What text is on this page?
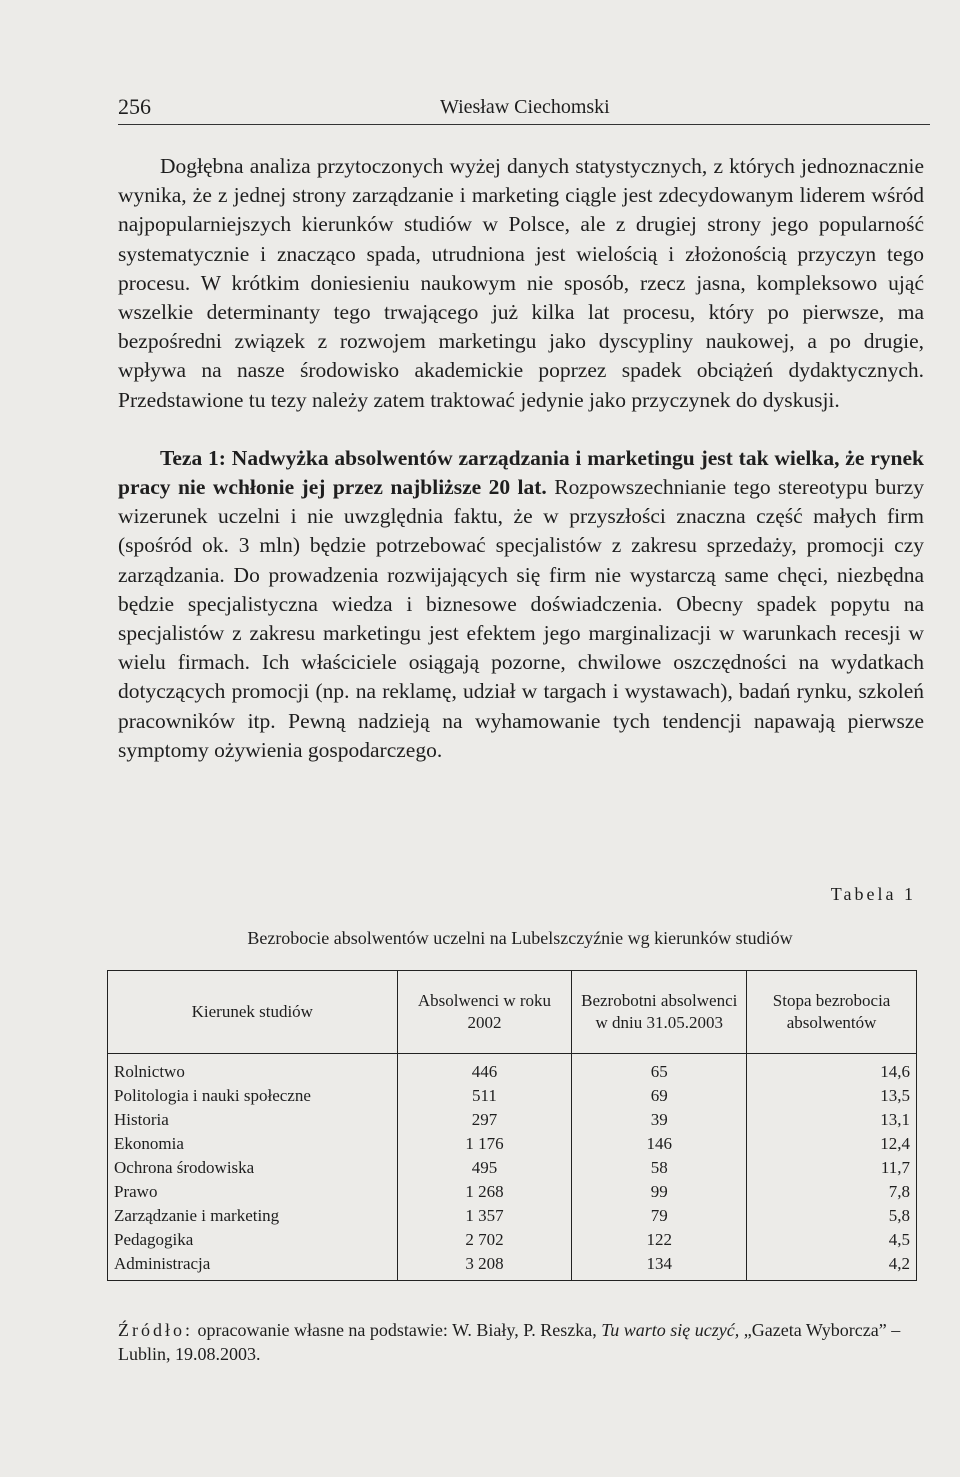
256	Wiesław Ciechomski

Dogłębna analiza przytoczonych wyżej danych statystycznych, z których jednoznacznie wynika, że z jednej strony zarządzanie i marketing ciągle jest zdecydowanym liderem wśród najpopularniejszych kierunków studiów w Polsce, ale z drugiej strony jego popularność systematycznie i znacząco spada, utrudniona jest wielością i złożonością przyczyn tego procesu. W krótkim doniesieniu naukowym nie sposób, rzecz jasna, kompleksowo ująć wszelkie determinanty tego trwającego już kilka lat procesu, który po pierwsze, ma bezpośredni związek z rozwojem marketingu jako dyscypliny naukowej, a po drugie, wpływa na nasze środowisko akademickie poprzez spadek obciążeń dydaktycznych. Przedstawione tu tezy należy zatem traktować jedynie jako przyczynek do dyskusji.

Teza 1: Nadwyżka absolwentów zarządzania i marketingu jest tak wielka, że rynek pracy nie wchłonie jej przez najbliższe 20 lat. Rozpowszechnianie tego stereotypu burzy wizerunek uczelni i nie uwzględnia faktu, że w przyszłości znaczna część małych firm (spośród ok. 3 mln) będzie potrzebować specjalistów z zakresu sprzedaży, promocji czy zarządzania. Do prowadzenia rozwijających się firm nie wystarczą same chęci, niezbędna będzie specjalistyczna wiedza i biznesowe doświadczenia. Obecny spadek popytu na specjalistów z zakresu marketingu jest efektem jego marginalizacji w warunkach recesji w wielu firmach. Ich właściciele osiągają pozorne, chwilowe oszczędności na wydatkach dotyczących promocji (np. na reklamę, udział w targach i wystawach), badań rynku, szkoleń pracowników itp. Pewną nadzieją na wyhamowanie tych tendencji napawają pierwsze symptomy ożywienia gospodarczego.

Tabela 1
Bezrobocie absolwentów uczelni na Lubelszczyźnie wg kierunków studiów
Kierunek studiów	Absolwenci w roku 2002	Bezrobotni absolwenci w dniu 31.05.2003	Stopa bezrobocia absolwentów
Rolnictwo	446	65	14,6
Politologia i nauki społeczne	511	69	13,5
Historia	297	39	13,1
Ekonomia	1 176	146	12,4
Ochrona środowiska	495	58	11,7
Prawo	1 268	99	7,8
Zarządzanie i marketing	1 357	79	5,8
Pedagogika	2 702	122	4,5
Administracja	3 208	134	4,2

Źródło: opracowanie własne na podstawie: W. Biały, P. Reszka, Tu warto się uczyć, „Gazeta Wyborcza” – Lublin, 19.08.2003.
